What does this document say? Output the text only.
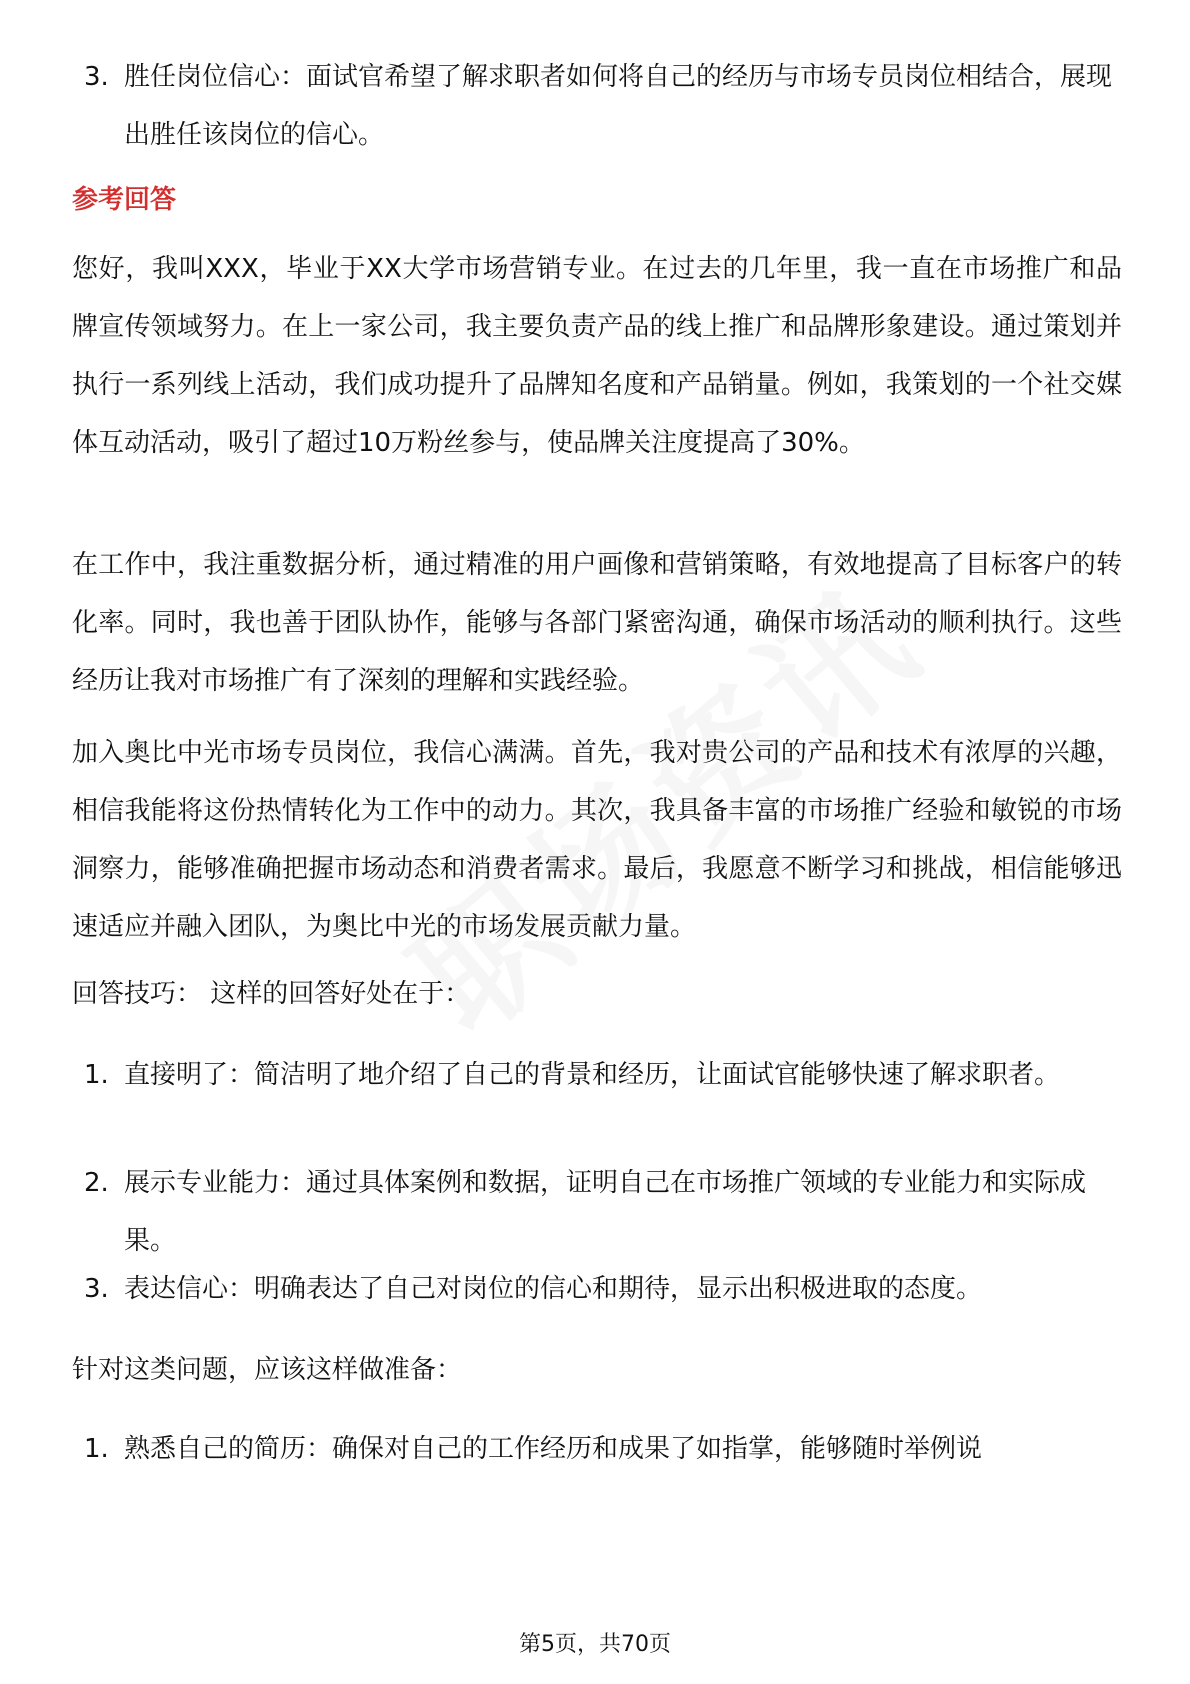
3. 胜任岗位信心：面试官希望了解求职者如何将自己的经历与市场专员岗位相结合，展现出胜任该岗位的信心。
参考回答
您好，我叫XXX，毕业于XX大学市场营销专业。在过去的几年里，我一直在市场推广和品牌宣传领域努力。在上一家公司，我主要负责产品的线上推广和品牌形象建设。通过策划并执行一系列线上活动，我们成功提升了品牌知名度和产品销量。例如，我策划的一个社交媒体互动活动，吸引了超过10万粉丝参与，使品牌关注度提高了30%。
在工作中，我注重数据分析，通过精准的用户画像和营销策略，有效地提高了目标客户的转化率。同时，我也善于团队协作，能够与各部门紧密沟通，确保市场活动的顺利执行。这些经历让我对市场推广有了深刻的理解和实践经验。
加入奥比中光市场专员岗位，我信心满满。首先，我对贵公司的产品和技术有浓厚的兴趣，相信我能将这份热情转化为工作中的动力。其次，我具备丰富的市场推广经验和敏锐的市场洞察力，能够准确把握市场动态和消费者需求。最后，我愿意不断学习和挑战，相信能够迅速适应并融入团队，为奥比中光的市场发展贡献力量。
回答技巧： 这样的回答好处在于：
1. 直接明了：简洁明了地介绍了自己的背景和经历，让面试官能够快速了解求职者。
2. 展示专业能力：通过具体案例和数据，证明自己在市场推广领域的专业能力和实际成果。
3. 表达信心：明确表达了自己对岗位的信心和期待，显示出积极进取的态度。
针对这类问题，应该这样做准备：
1. 熟悉自己的简历：确保对自己的工作经历和成果了如指掌，能够随时举例说
第5页，共70页
